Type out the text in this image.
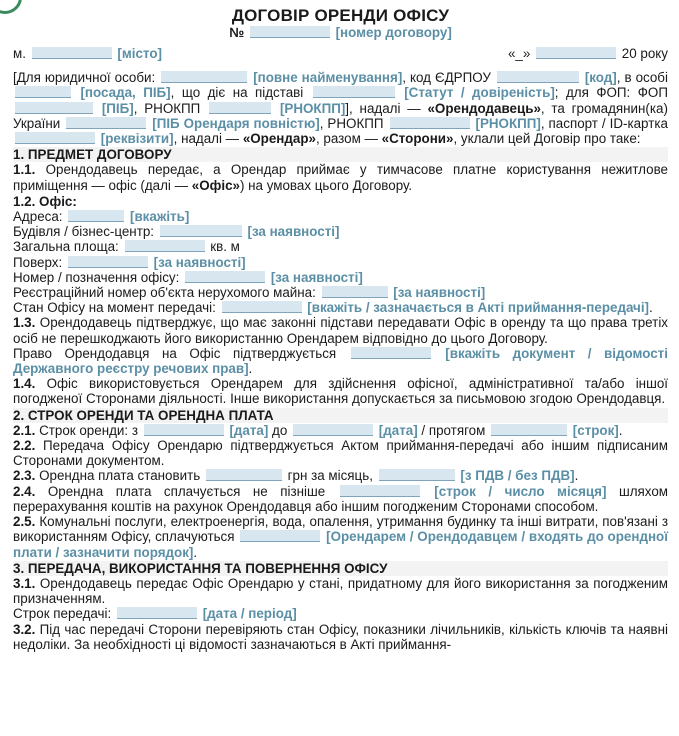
ДОГОВІР ОРЕНДИ ОФІСУ
№	[номер договору]
м.	[місто]	«_»	20 року
[Для юридичної особи:	[повне найменування], код ЄДРПОУ	[код], в особі  [посада, ПІБ], що діє на підставі	[Статут / довіреність]; для ФОП: ФОП  [ПІБ], РНОКПП	[РНОКПП]], надалі — «Орендодавець», та громадянин(ка) України	[ПІБ Орендаря повністю], РНОКПП	[РНОКПП], паспорт / ID-картка  [реквізити], надалі — «Орендар», разом — «Сторони», уклали цей Договір про таке:
1. ПРЕДМЕТ ДОГОВОРУ
1.1. Орендодавець передає, а Орендар приймає у тимчасове платне користування нежитлове приміщення — офіс (далі — «Офіс») на умовах цього Договору.
1.2. Офіс:
Адреса:	[вкажіть]
Будівля / бізнес-центр:	[за наявності]
Загальна площа:	кв. м
Поверх:	[за наявності]
Номер / позначення офісу:	[за наявності]
Реєстраційний номер об'єкта нерухомого майна:	[за наявності]
Стан Офісу на момент передачі:	[вкажіть / зазначається в Акті приймання-передачі].
1.3. Орендодавець підтверджує, що має законні підстави передавати Офіс в оренду та що права третіх осіб не перешкоджають його використанню Орендарем відповідно до цього Договору.
Право Орендодавця на Офіс підтверджується	[вкажіть документ / відомості Державного реєстру речових прав].
1.4. Офіс використовується Орендарем для здійснення офісної, адміністративної та/або іншої погодженої Сторонами діяльності. Інше використання допускається за письмовою згодою Орендодавця.
2. СТРОК ОРЕНДИ ТА ОРЕНДНА ПЛАТА
2.1. Строк оренди: з	[дата] до	[дата] / протягом	[строк].
2.2. Передача Офісу Орендарю підтверджується Актом приймання-передачі або іншим підписаним Сторонами документом.
2.3. Орендна плата становить	грн за місяць,	[з ПДВ / без ПДВ].
2.4. Орендна плата сплачується не пізніше	[строк / число місяця] шляхом перерахування коштів на рахунок Орендодавця або іншим погодженим Сторонами способом.
2.5. Комунальні послуги, електроенергія, вода, опалення, утримання будинку та інші витрати, пов'язані з використанням Офісу, сплачуються	[Орендарем / Орендодавцем / входять до орендної плати / зазначити порядок].
3. ПЕРЕДАЧА, ВИКОРИСТАННЯ ТА ПОВЕРНЕННЯ ОФІСУ
3.1. Орендодавець передає Офіс Орендарю у стані, придатному для його використання за погодженим призначенням.
Строк передачі:	[дата / період]
3.2. Під час передачі Сторони перевіряють стан Офісу, показники лічильників, кількість ключів та наявні недоліки. За необхідності ці відомості зазначаються в Акті приймання-
